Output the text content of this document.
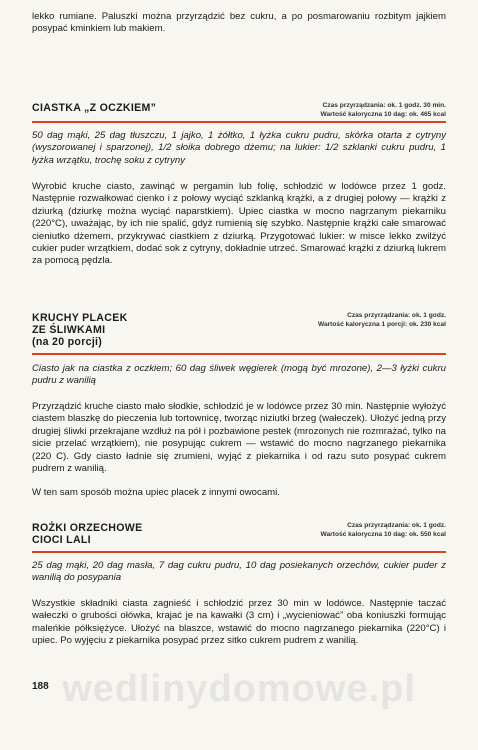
lekko rumiane. Paluszki można przyrządzić bez cukru, a po posmarowaniu rozbitym jajkiem posypać kminkiem lub makiem.

CIASTKA „Z OCZKIEM”	Czas przyrządzania: ok. 1 godz. 30 min.
Wartość kaloryczna 10 dag: ok. 465 kcal

50 dag mąki, 25 dag tłuszczu, 1 jajko, 1 żółtko, 1 łyżka cukru pudru, skórka otarta z cytryny (wyszorowanej i sparzonej), 1/2 słoika dobrego dżemu; na lukier: 1/2 szklanki cukru pudru, 1 łyżka wrzątku, trochę soku z cytryny

Wyrobić kruche ciasto, zawinąć w pergamin lub folię, schłodzić w lodówce przez 1 godz. Następnie rozwałkować cienko i z połowy wyciąć szklanką krążki, a z drugiej połowy — krążki z dziurką (dziurkę można wyciąć naparstkiem). Upiec ciastka w mocno nagrzanym piekarniku (220°C), uważając, by ich nie spalić, gdyż rumienią się szybko. Następnie krążki całe smarować cieniutko dżemem, przykrywać ciastkiem z dziurką. Przygotować lukier: w misce lekko zwilżyć cukier puder wrzątkiem, dodać sok z cytryny, dokładnie utrzeć. Smarować krążki z dziurką lukrem za pomocą pędzla.

KRUCHY PLACEK
ZE ŚLIWKAMI
(na 20 porcji)
Czas przyrządzania: ok. 1 godz.
Wartość kaloryczna 1 porcji: ok. 230 kcal

Ciasto jak na ciastka z oczkiem; 60 dag śliwek węgierek (mogą być mrozone), 2—3 łyżki cukru pudru z wanilią

Przyrządzić kruche ciasto mało słodkie, schłodzić je w lodówce przez 30 min. Następnie wyłożyć ciastem blaszkę do pieczenia lub tortownicę, tworząc niziutki brzeg (wałeczek). Ułożyć jedną przy drugiej śliwki przekrajane wzdłuż na pół i pozbawione pestek (mrozonych nie rozmrażać, tylko na sicie przelać wrzątkiem), nie posypując cukrem — wstawić do mocno nagrzanego piekarnika (220 C). Gdy ciasto ładnie się zrumieni, wyjąć z piekarnika i od razu suto posypać cukrem pudrem z wanilią.

W ten sam sposób można upiec placek z innymi owocami.

ROŻKI ORZECHOWE
CIOCI LALI
Czas przyrządzania: ok. 1 godz.
Wartość kaloryczna 10 dag: ok. 550 kcal

25 dag mąki, 20 dag masła, 7 dag cukru pudru, 10 dag posiekanych orzechów, cukier puder z wanilią do posypania

Wszystkie składniki ciasta zagnieść i schłodzić przez 30 min w lodówce. Następnie taczać wałeczki o grubości ołówka, krajać je na kawałki (3 cm) i „wycieniować” oba koniuszki formując maleńkie półksiężyce. Ułożyć na blaszce, wstawić do mocno nagrzanego piekarnika (220°C) i upiec. Po wyjęciu z piekarnika posypać przez sitko cukrem pudrem z wanilią.

wedlinydomowe.pl
188
